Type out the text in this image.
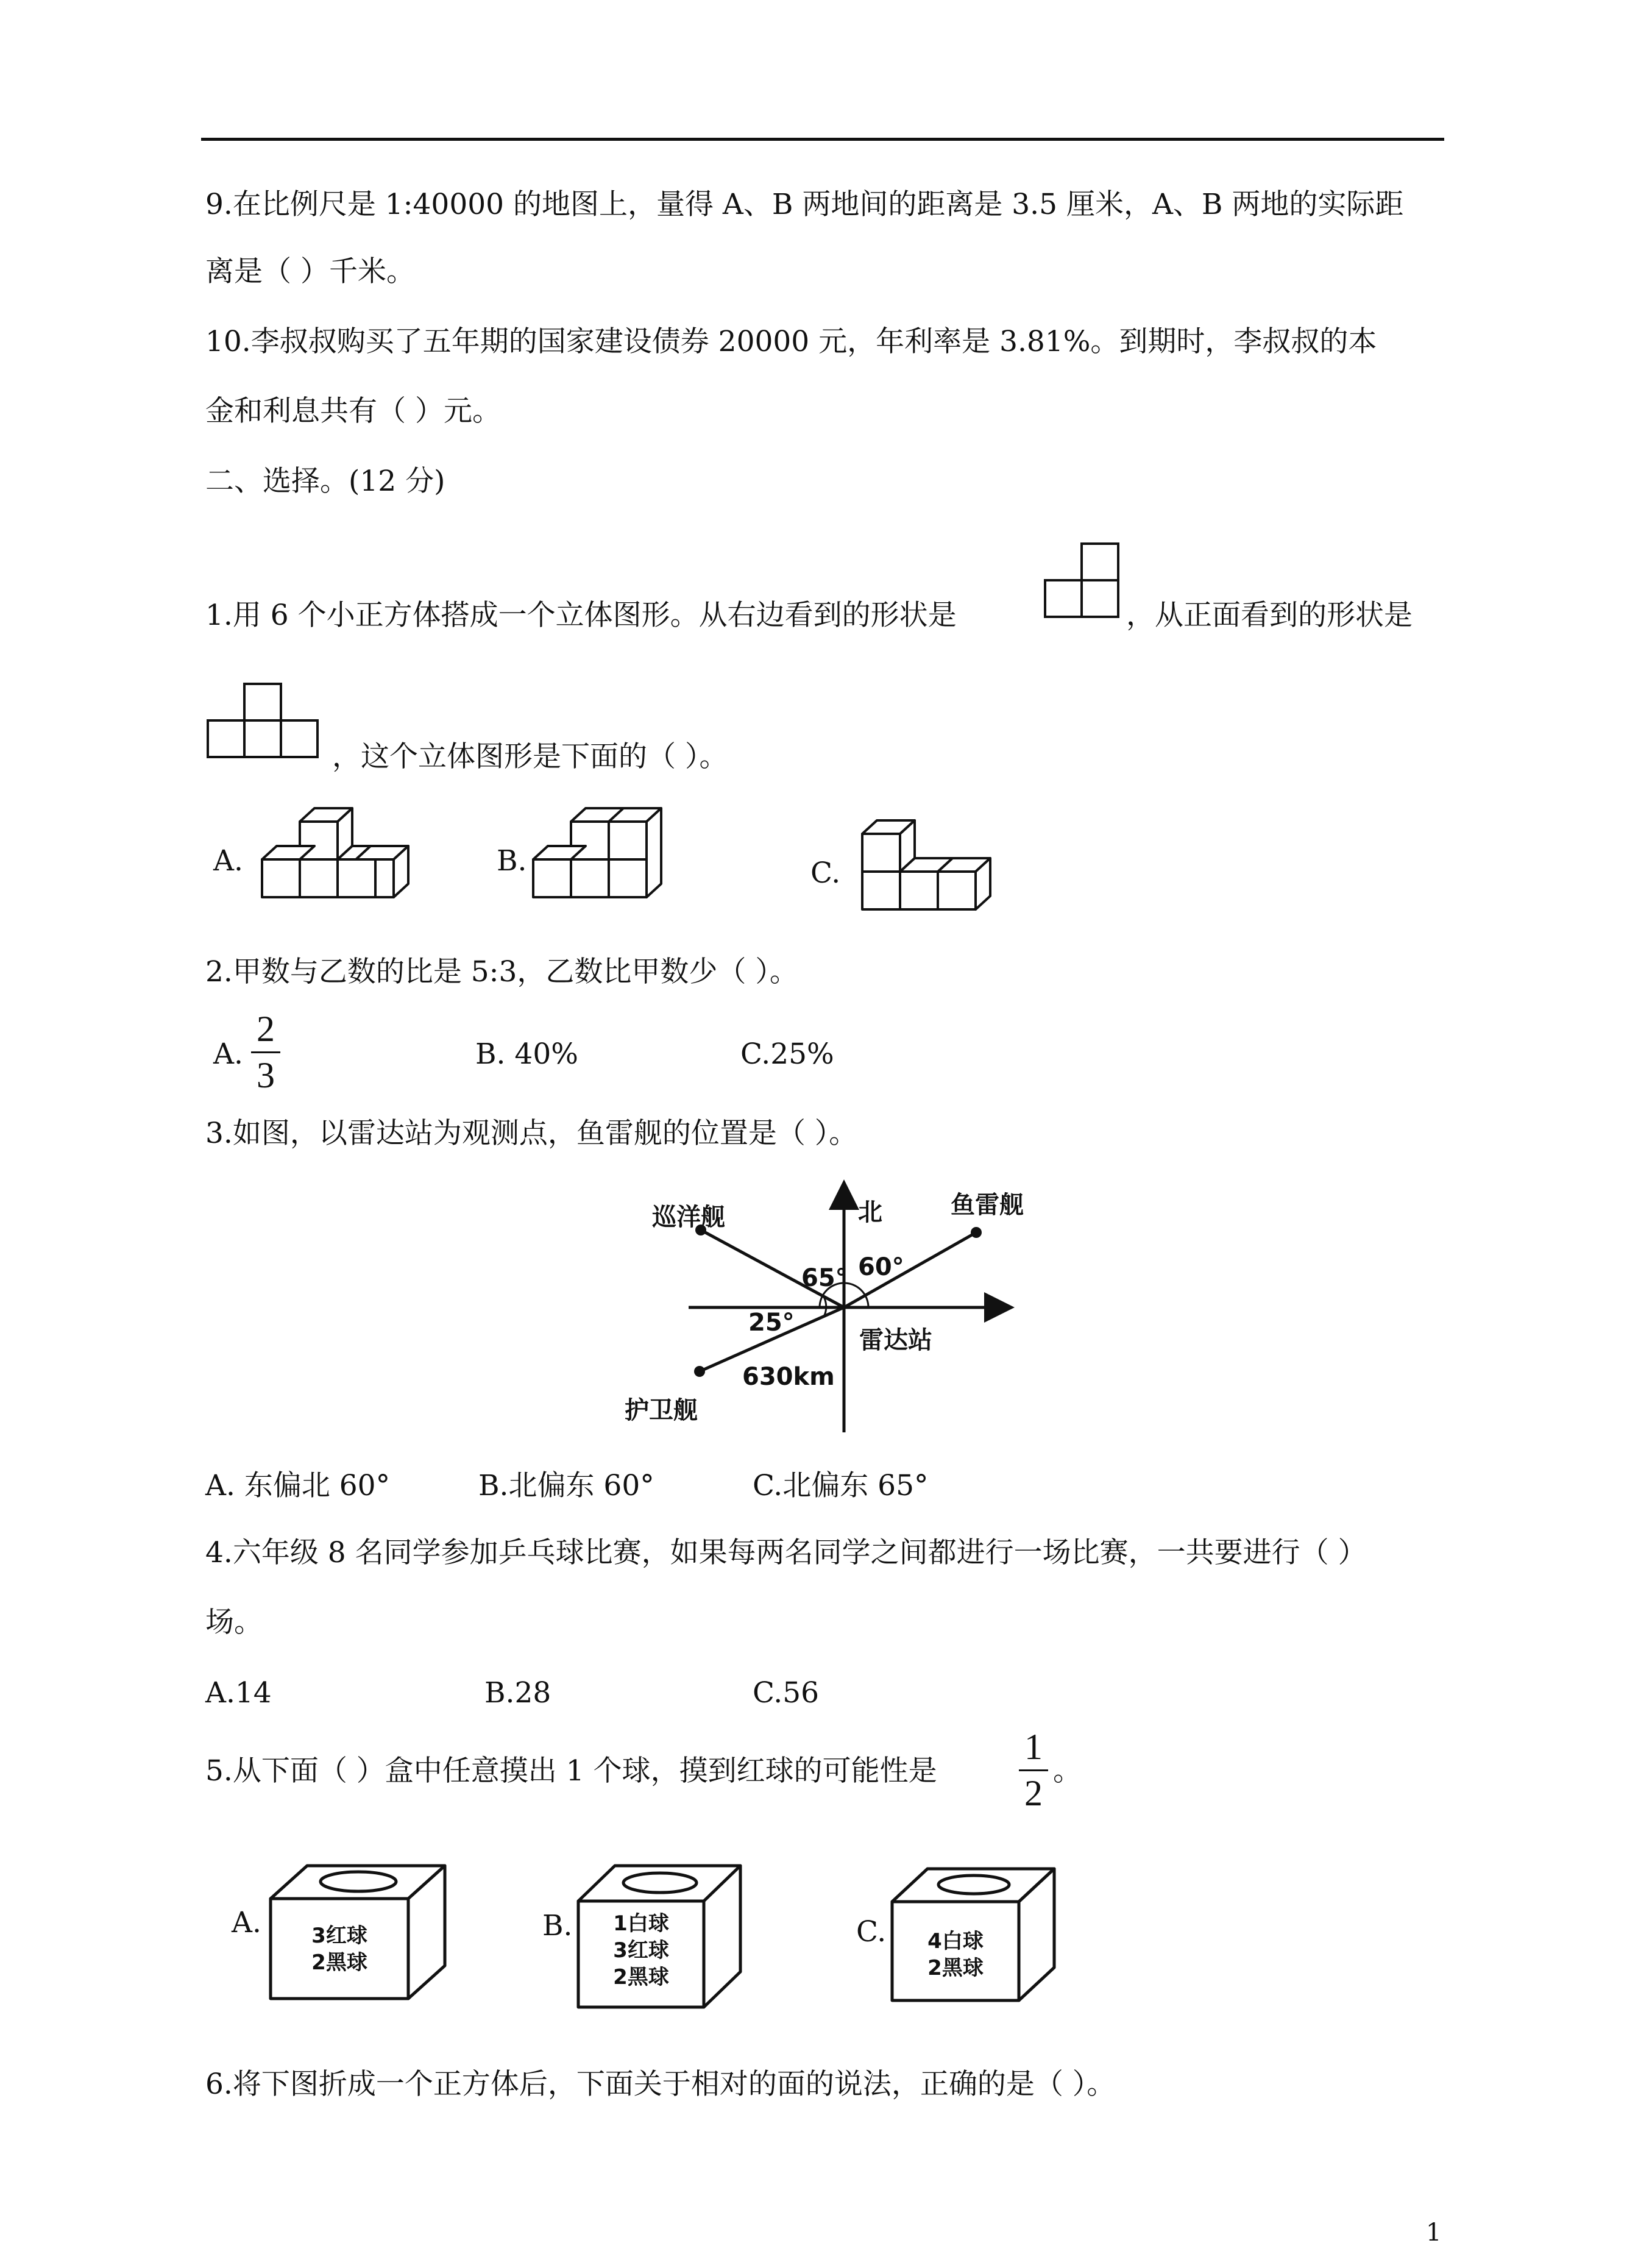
9.在比例尺是 1:40000 的地图上，量得 A、B 两地间的距离是 3.5 厘米，A、B 两地的实际距
离是（ ）千米。
10.李叔叔购买了五年期的国家建设债券 20000 元，年利率是 3.81%。到期时，李叔叔的本
金和利息共有（ ）元。
二、选择。(12 分)
1.用 6 个小正方体搭成一个立体图形。从右边看到的形状是	，从正面看到的形状是
，这个立体图形是下面的（ ）。
A.	B.	C.
2.甲数与乙数的比是 5:3，乙数比甲数少（ ）。
A.
2
3
B. 40%	C.25%
3.如图，以雷达站为观测点，鱼雷舰的位置是（ ）。
北	鱼雷舰
巡洋舰
雷达站
护卫舰
65° 60°
25°
630km
A. 东偏北 60°	B.北偏东 60°	C.北偏东 65°
4.六年级 8 名同学参加乒乓球比赛，如果每两名同学之间都进行一场比赛，一共要进行（ ）
场。
A.14	B.28	C.56
5.从下面（ ）盒中任意摸出 1 个球，摸到红球的可能性是
1
2
。
A. 3红球
2黑球
B. 1白球
3红球
2黑球
C. 4白球
2黑球
6.将下图折成一个正方体后，下面关于相对的面的说法，正确的是（ ）。
1
